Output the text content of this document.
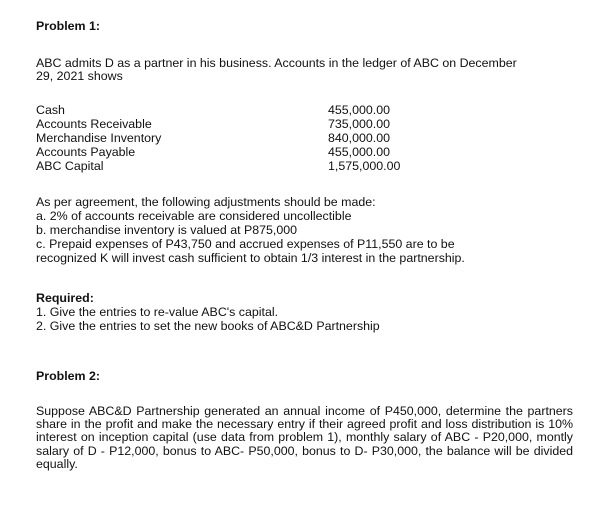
Problem 1:
ABC admits D as a partner in his business. Accounts in the ledger of ABC on December
29, 2021 shows
Cash	455,000.00
Accounts Receivable	735,000.00
Merchandise Inventory	840,000.00
Accounts Payable	455,000.00
ABC Capital	1,575,000.00
As per agreement, the following adjustments should be made:
a. 2% of accounts receivable are considered uncollectible
b. merchandise inventory is valued at P875,000
c. Prepaid expenses of P43,750 and accrued expenses of P11,550 are to be
recognized K will invest cash sufficient to obtain 1/3 interest in the partnership.
Required:
1. Give the entries to re-value ABC's capital.
2. Give the entries to set the new books of ABC&D Partnership
Problem 2:
Suppose ABC&D Partnership generated an annual income of P450,000, determine the partners share in the profit and make the necessary entry if their agreed profit and loss distribution is 10% interest on inception capital (use data from problem 1), monthly salary of ABC - P20,000, montly salary of D - P12,000, bonus to ABC- P50,000, bonus to D- P30,000, the balance will be divided equally.
